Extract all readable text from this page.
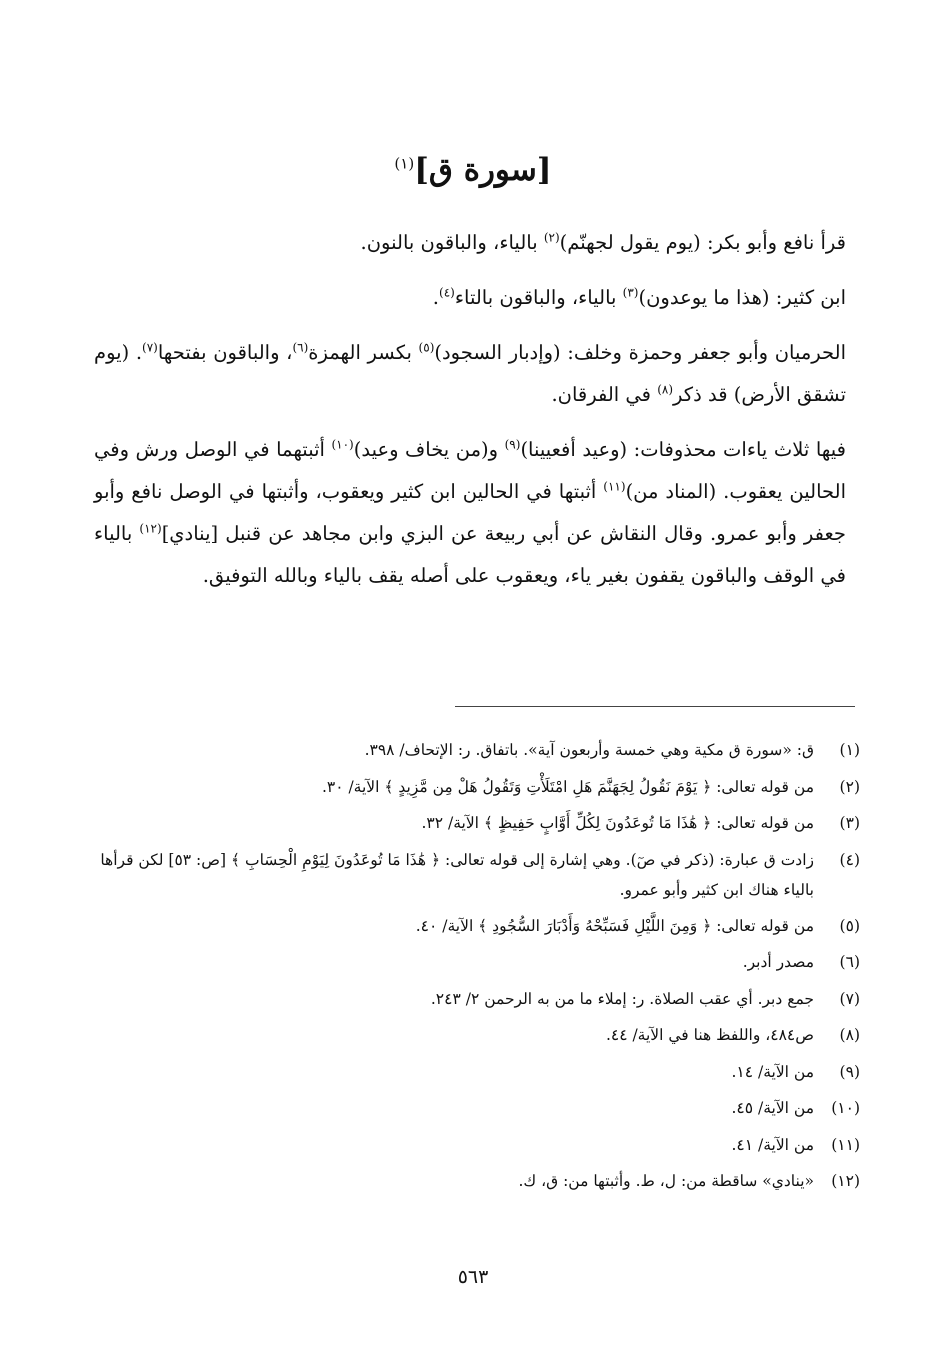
[سورة ق]$^{(١)}$

قرأ نافع وأبو بكر: (يوم يقول لجهنّم)$^{(٢)}$ بالياء، والباقون بالنون.

ابن كثير: (هذا ما يوعدون)$^{(٣)}$ بالياء، والباقون بالتاء$^{(٤)}$.

الحرميان وأبو جعفر وحمزة وخلف: (وإدبار السجود)$^{(٥)}$ بكسر الهمزة$^{(٦)}$، والباقون بفتحها$^{(٧)}$. (يوم تشقق الأرض) قد ذكر$^{(٨)}$ في الفرقان.

فيها ثلاث ياءات محذوفات: (وعيد أفعيينا)$^{(٩)}$ و(من يخاف وعيد)$^{(١٠)}$ أثبتهما في الوصل ورش وفي الحالين يعقوب. (المناد من)$^{(١١)}$ أثبتها في الحالين ابن كثير ويعقوب، وأثبتها في الوصل نافع وأبو جعفر وأبو عمرو. وقال النقاش عن أبي ربيعة عن البزي وابن مجاهد عن قنبل [ينادي]$^{(١٢)}$ بالياء في الوقف والباقون يقفون بغير ياء، ويعقوب على أصله يقف بالياء وبالله التوفيق.

(١)
ق: «سورة ق مكية وهي خمسة وأربعون آية». باتفاق. ر: الإتحاف/ ٣٩٨.
(٢)
من قوله تعالى: ﴿ يَوْمَ نَقُولُ لِجَهَنَّمَ هَلِ امْتَلَأْتِ وَتَقُولُ هَلْ مِن مَّزِيدٍ ﴾ الآية/ ٣٠.
(٣)
من قوله تعالى: ﴿ هَٰذَا مَا تُوعَدُونَ لِكُلِّ أَوَّابٍ حَفِيظٍ ﴾ الآية/ ٣٢.
(٤)
زادت ق عبارة: (ذكر في صٓ). وهي إشارة إلى قوله تعالى: ﴿ هَٰذَا مَا تُوعَدُونَ لِيَوْمِ الْحِسَابِ ﴾ [ص: ٥٣] لكن قرأها بالياء هناك ابن كثير وأبو عمرو.
(٥)
من قوله تعالى: ﴿ وَمِنَ اللَّيْلِ فَسَبِّحْهُ وَأَدْبَارَ السُّجُودِ ﴾ الآية/ ٤٠.
(٦)
مصدر أدبر.
(٧)
جمع دبر. أي عقب الصلاة. ر: إملاء ما من به الرحمن ٢/ ٢٤٣.
(٨)
ص٤٨٤، واللفظ هنا في الآية/ ٤٤.
(٩)
من الآية/ ١٤.
(١٠)
من الآية/ ٤٥.
(١١)
من الآية/ ٤١.
(١٢)
«ينادي» ساقطة من: ل، ط. وأثبتها من: ق، ك.
٥٦٣
